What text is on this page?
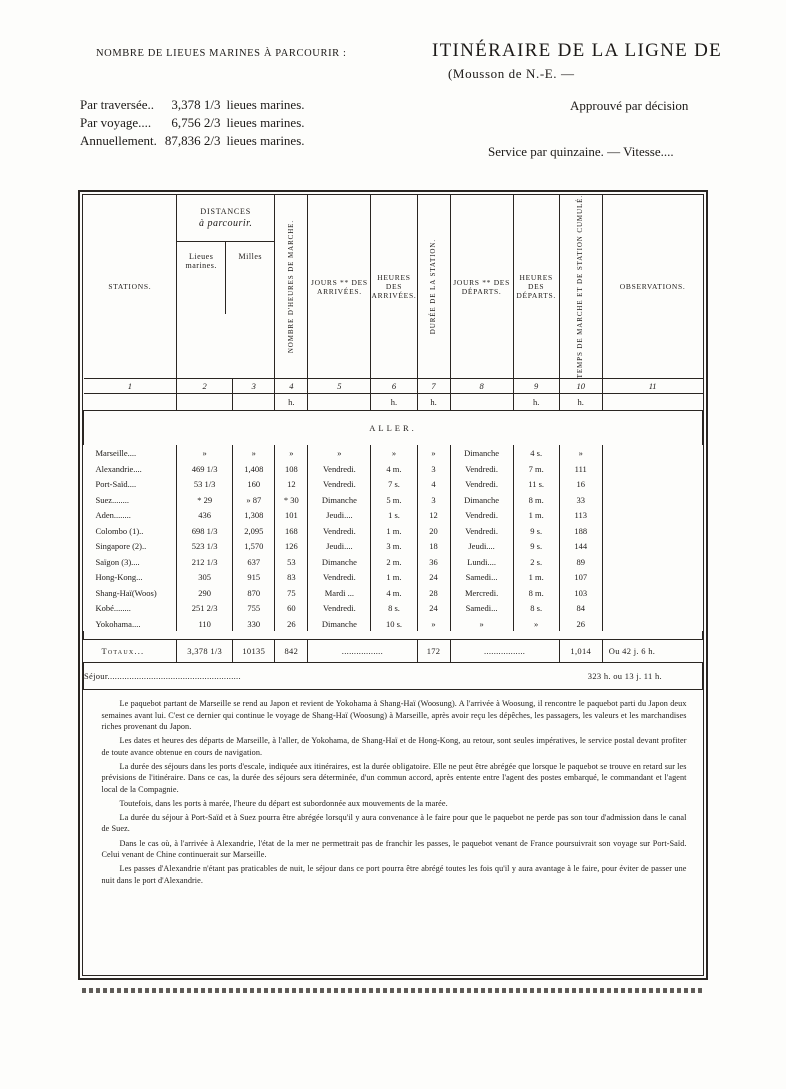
NOMBRE DE LIEUES MARINES À PARCOURIR :	ITINÉRAIRE DE LA LIGNE DE
(Mousson de N.-E. —
Approuvé par décision
Service par quinzaine. — Vitesse....
Par traversée..	3,378 1/3	lieues marines.
Par voyage....	6,756 2/3	lieues marines.
Annuellement.	87,836 2/3	lieues marines.
STATIONS.	DISTANCES
à parcourir.
Lieues marines.
Milles		NOMBRE D'HEURES DE MARCHE.	JOURS ** DES ARRIVÉES.	HEURES DES ARRIVÉES.	DURÉE DE LA STATION.	JOURS ** DES DÉPARTS.	HEURES DES DÉPARTS.	TEMPS DE MARCHE ET DE STATION CUMULÉ.	OBSERVATIONS.

1	2	3	4	5	6	7	8	9	10	11
			h.		h.	h.		h.	h.	
ALLER.										
Marseille....	»	»	»	»	»	»	Dimanche	4 s.	»	
Alexandrie....	469 1/3	1,408	108	Vendredi.	4 m.	3	Vendredi.	7 m.	111	
Port-Saïd....	53 1/3	160	12	Vendredi.	7 s.	4	Vendredi.	11 s.	16	
Suez........	* 29	» 87	* 30	Dimanche	5 m.	3	Dimanche	8 m.	33	
Aden........	436	1,308	101	Jeudi....	1 s.	12	Vendredi.	1 m.	113	
Colombo (1)..	698 1/3	2,095	168	Vendredi.	1 m.	20	Vendredi.	9 s.	188	
Singapore (2)..	523 1/3	1,570	126	Jeudi....	3 m.	18	Jeudi....	9 s.	144	
Saïgon (3)....	212 1/3	637	53	Dimanche	2 m.	36	Lundi....	2 s.	89	
Hong-Kong...	305	915	83	Vendredi.	1 m.	24	Samedi...	1 m.	107	
Shang-Haï(Woos)	290	870	75	Mardi ...	4 m.	28	Mercredi.	8 m.	103	
Kobé........	251 2/3	755	60	Vendredi.	8 s.	24	Samedi...	8 s.	84	
Yokohama....	110	330	26	Dimanche	10 s.	»	»	»	26	

Totaux...	3,378 1/3	10135	842	.................		172	.................		1,014	Ou 42 j. 6 h.
Séjour....................................................... 323 h. ou 13 j. 11 h.										

Le paquebot partant de Marseille se rend au Japon et revient de Yokohama à Shang-Haï (Woosung). A l'arrivée à Woosung, il rencontre le paquebot parti du Japon deux semaines avant lui. C'est ce dernier qui continue le voyage de Shang-Haï (Woosung) à Marseille, après avoir reçu les dépêches, les passagers, les valeurs et les marchandises riches provenant du Japon.

Les dates et heures des départs de Marseille, à l'aller, de Yokohama, de Shang-Haï et de Hong-Kong, au retour, sont seules impératives, le service postal devant profiter de toute avance obtenue en cours de navigation.

La durée des séjours dans les ports d'escale, indiquée aux itinéraires, est la durée obligatoire. Elle ne peut être abrégée que lorsque le paquebot se trouve en retard sur les prévisions de l'itinéraire. Dans ce cas, la durée des séjours sera déterminée, d'un commun accord, après entente entre l'agent des postes embarqué, le commandant et l'agent local de la Compagnie.

Toutefois, dans les ports à marée, l'heure du départ est subordonnée aux mouvements de la marée.

La durée du séjour à Port-Saïd et à Suez pourra être abrégée lorsqu'il y aura convenance à le faire pour que le paquebot ne perde pas son tour d'admission dans le canal de Suez.

Dans le cas où, à l'arrivée à Alexandrie, l'état de la mer ne permettrait pas de franchir les passes, le paquebot venant de France poursuivrait son voyage sur Port-Saïd. Celui venant de Chine continuerait sur Marseille.

Les passes d'Alexandrie n'étant pas praticables de nuit, le séjour dans ce port pourra être abrégé toutes les fois qu'il y aura avantage à le faire, pour éviter de passer une nuit dans le port d'Alexandrie.
